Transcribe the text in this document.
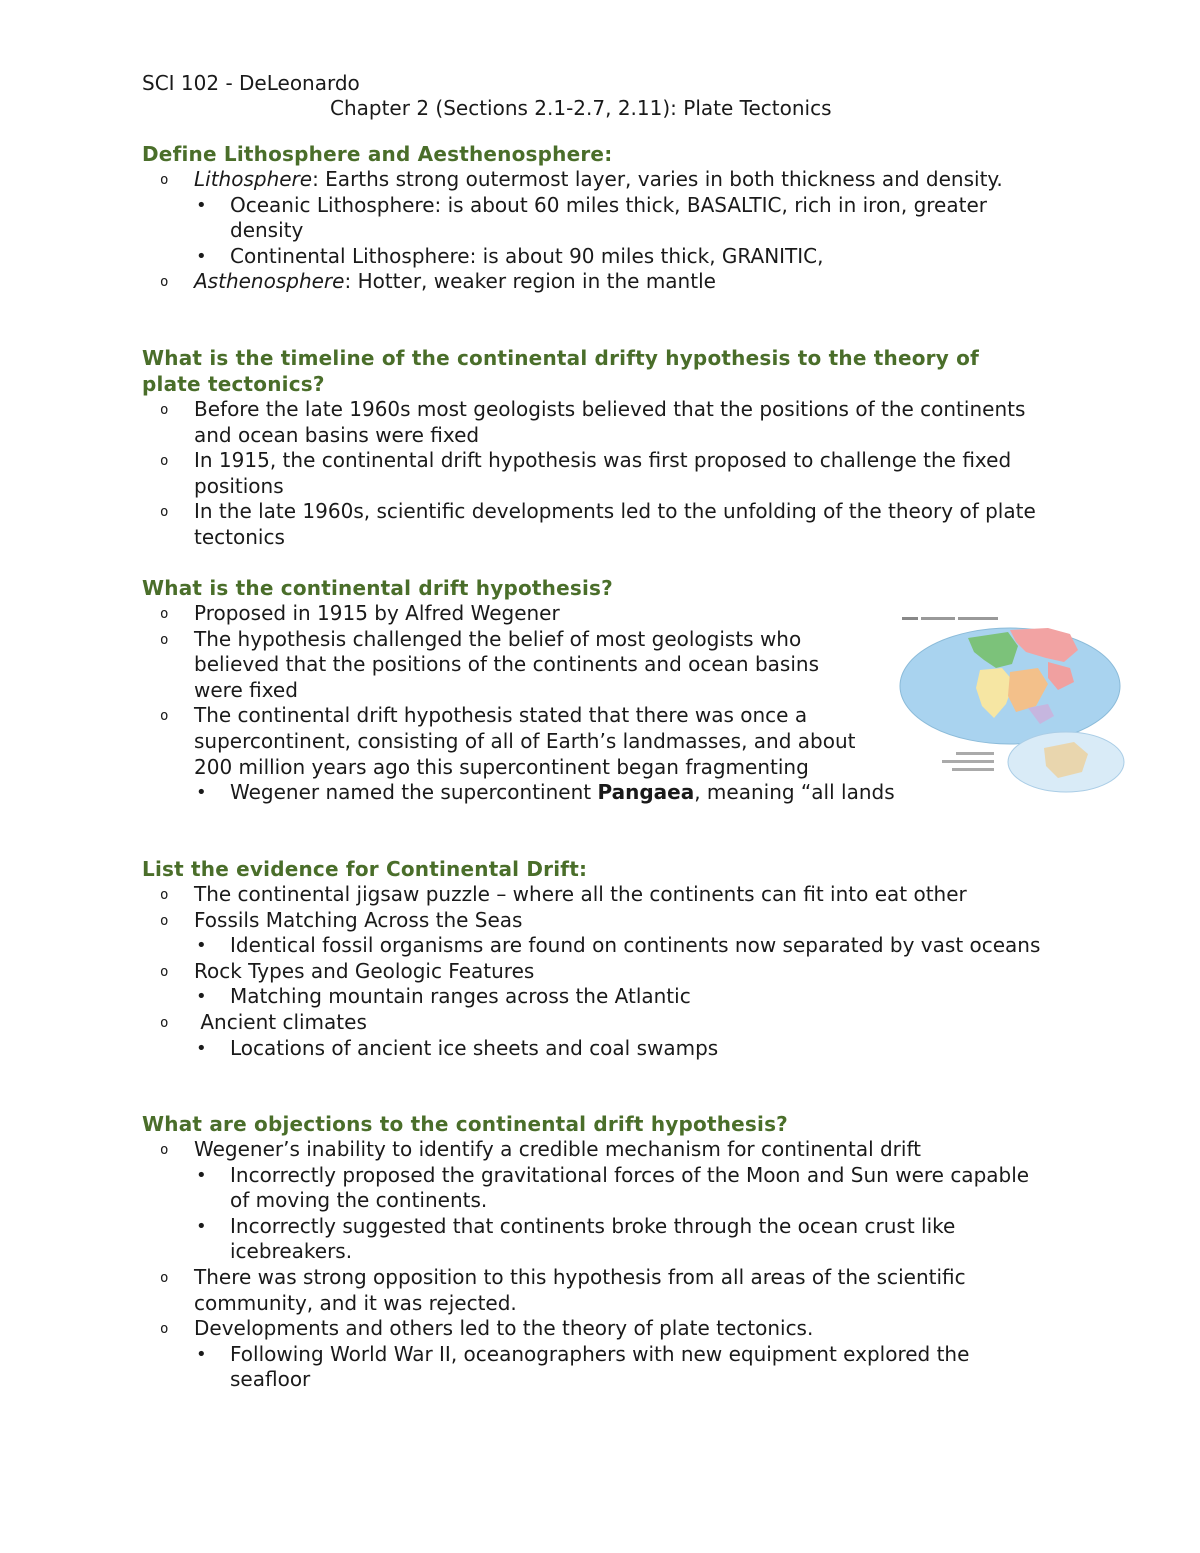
SCI 102 - DeLeonardo
Chapter 2 (Sections 2.1-2.7, 2.11): Plate Tectonics
Define Lithosphere and Aesthenosphere:
o Lithosphere: Earths strong outermost layer, varies in both thickness and density.
• Oceanic Lithosphere: is about 60 miles thick, BASALTIC, rich in iron, greater density
• Continental Lithosphere: is about 90 miles thick, GRANITIC,
o Asthenosphere: Hotter, weaker region in the mantle
What is the timeline of the continental drifty hypothesis to the theory of plate tectonics?
o Before the late 1960s most geologists believed that the positions of the continents and ocean basins were fixed
o In 1915, the continental drift hypothesis was first proposed to challenge the fixed positions
o In the late 1960s, scientific developments led to the unfolding of the theory of plate tectonics
What is the continental drift hypothesis?
o Proposed in 1915 by Alfred Wegener
o The hypothesis challenged the belief of most geologists who believed that the positions of the continents and ocean basins were fixed
o The continental drift hypothesis stated that there was once a supercontinent, consisting of all of Earth’s landmasses, and about 200 million years ago this supercontinent began fragmenting
• Wegener named the supercontinent Pangaea, meaning “all lands
List the evidence for Continental Drift:
o The continental jigsaw puzzle – where all the continents can fit into eat other
o Fossils Matching Across the Seas
• Identical fossil organisms are found on continents now separated by vast oceans
o Rock Types and Geologic Features
• Matching mountain ranges across the Atlantic
o Ancient climates
• Locations of ancient ice sheets and coal swamps
What are objections to the continental drift hypothesis?
o Wegener’s inability to identify a credible mechanism for continental drift
• Incorrectly proposed the gravitational forces of the Moon and Sun were capable of moving the continents.
• Incorrectly suggested that continents broke through the ocean crust like icebreakers.
o There was strong opposition to this hypothesis from all areas of the scientific community, and it was rejected.
o Developments and others led to the theory of plate tectonics.
• Following World War II, oceanographers with new equipment explored the seafloor
